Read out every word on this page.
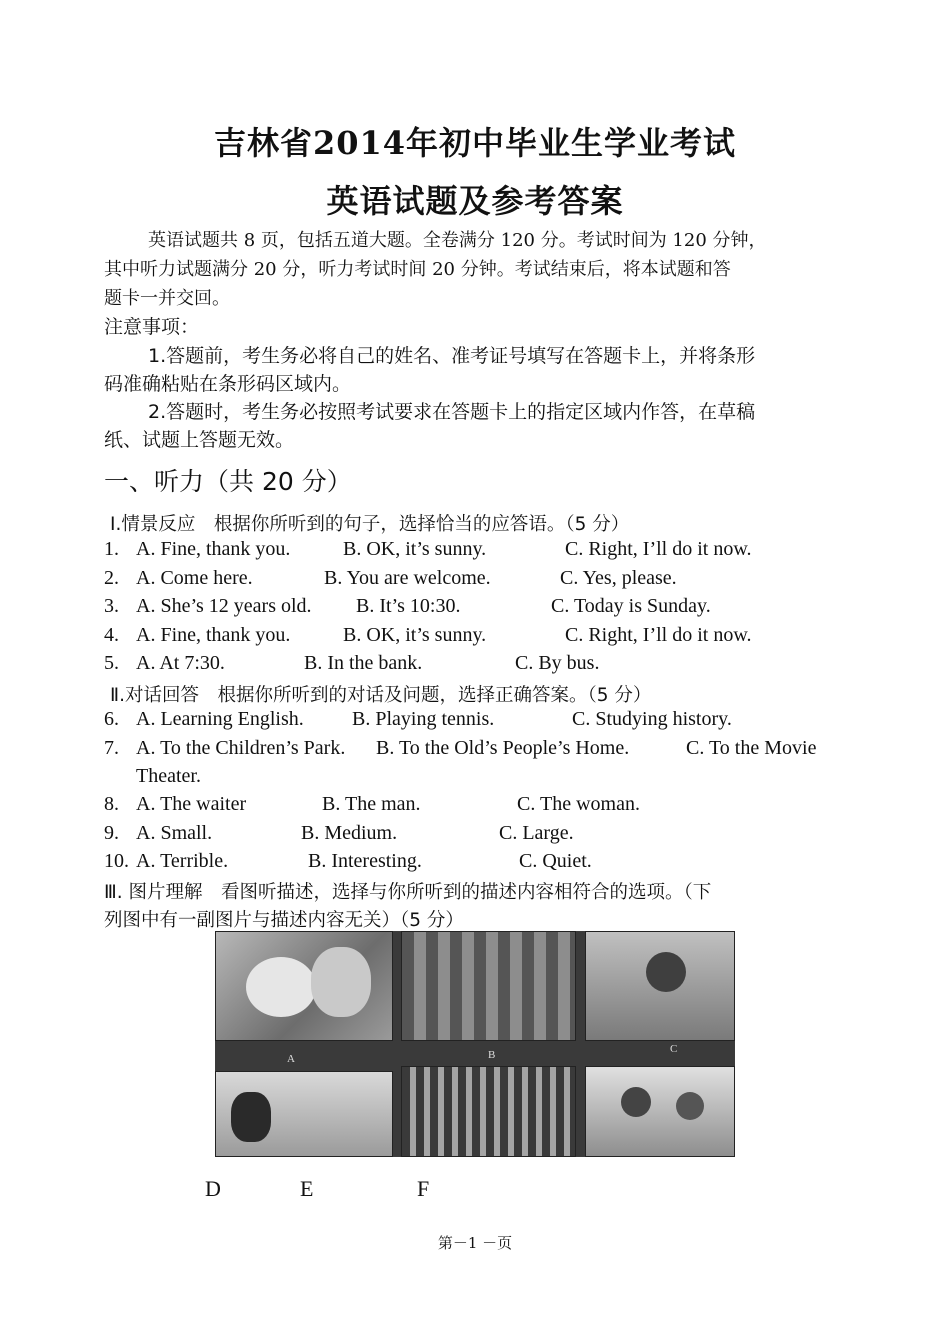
吉林省2014年初中毕业生学业考试
英语试题及参考答案
英语试题共 8 页，包括五道大题。全卷满分 120 分。考试时间为 120 分钟，
其中听力试题满分 20 分，听力考试时间 20 分钟。考试结束后，将本试题和答
题卡一并交回。
注意事项：
1.答题前，考生务必将自己的姓名、准考证号填写在答题卡上，并将条形
码准确粘贴在条形码区域内。
2.答题时，考生务必按照考试要求在答题卡上的指定区域内作答，在草稿
纸、试题上答题无效。
一、听力（共 20 分）
Ⅰ.情景反应　根据你所听到的句子，选择恰当的应答语。（5 分）
1. A. Fine, thank you.	B. OK, it’s sunny.	C. Right, I’ll do it now.
2. A. Come here.	B. You are welcome.	C. Yes, please.
3. A. She’s 12 years old. B. It’s 10:30.	C. Today is Sunday.
4. A. Fine, thank you.	B. OK, it’s sunny.	C. Right, I’ll do it now.
5. A. At 7:30.	B. In the bank.	C. By bus.
6. A. Learning English. B. Playing tennis.	C. Studying history.
7. A. To the Children’s Park. B. To the Old’s People’s Home.	C. To the Movie
Theater.
8. A. The waiter	B. The man.	C. The woman.
9. A. Small.	B. Medium.	C. Large.
10. A. Terrible.	B. Interesting.	C. Quiet.
Ⅱ.对话回答　根据你所听到的对话及问题，选择正确答案。（5 分）
Ⅲ. 图片理解　看图听描述，选择与你所听到的描述内容相符合的选项。（下
列图中有一副图片与描述内容无关）（5 分）
A	B	C
D	E	F
第－1 －页
